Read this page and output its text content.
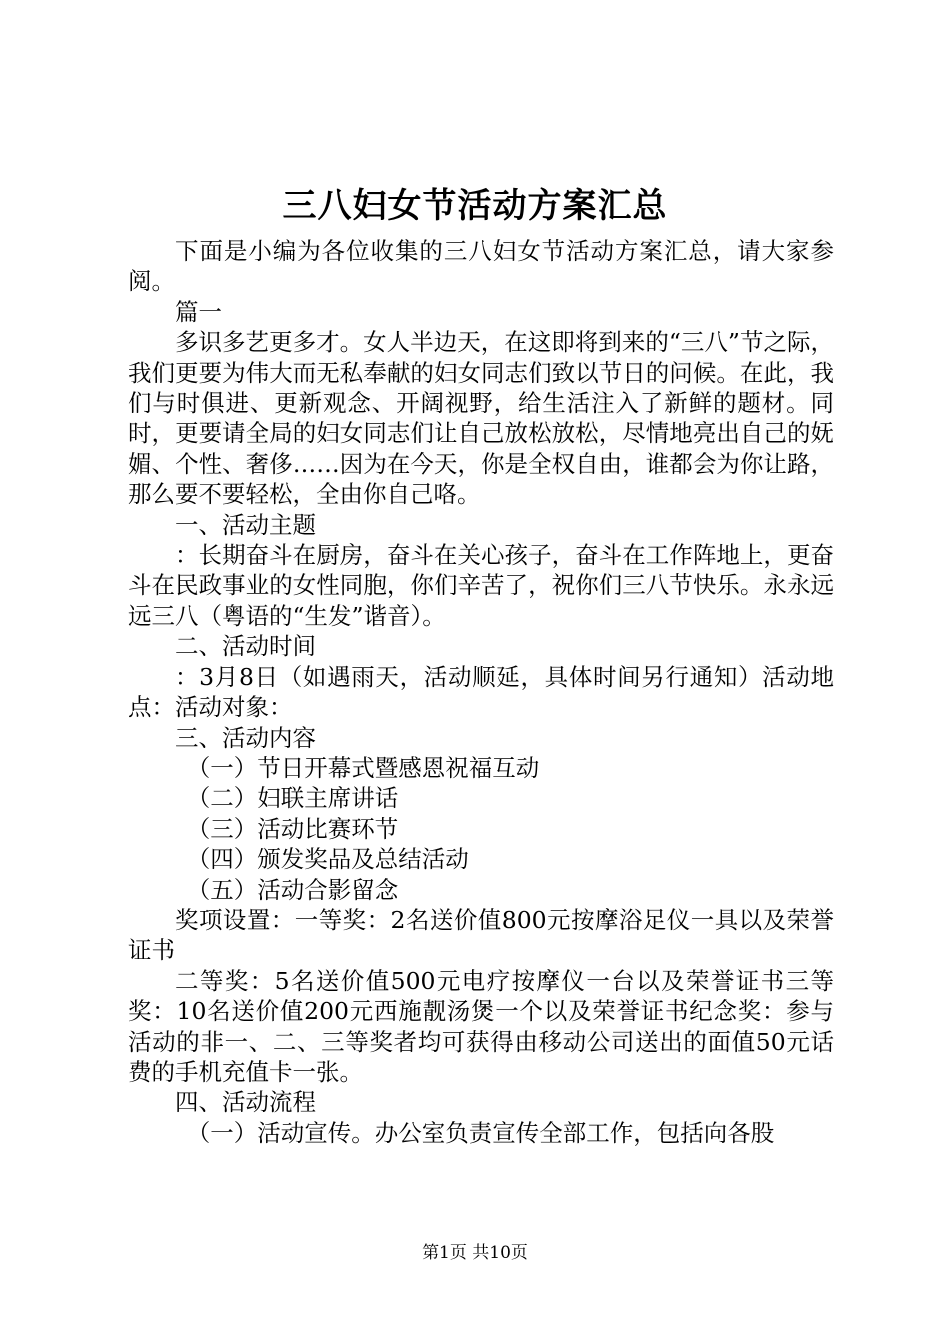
三八妇女节活动方案汇总

下面是小编为各位收集的三八妇女节活动方案汇总，请大家参阅。

篇一

多识多艺更多才。女人半边天，在这即将到来的“三八”节之际，我们更要为伟大而无私奉献的妇女同志们致以节日的问候。在此，我们与时俱进、更新观念、开阔视野，给生活注入了新鲜的题材。同时，更要请全局的妇女同志们让自己放松放松，尽情地亮出自己的妩媚、个性、奢侈……因为在今天，你是全权自由，谁都会为你让路，那么要不要轻松，全由你自己咯。

一、活动主题

：长期奋斗在厨房，奋斗在关心孩子，奋斗在工作阵地上，更奋斗在民政事业的女性同胞，你们辛苦了，祝你们三八节快乐。永永远远三八（粤语的“生发”谐音）。

二、活动时间

：3月8日（如遇雨天，活动顺延，具体时间另行通知）活动地点：活动对象：

三、活动内容

（一）节日开幕式暨感恩祝福互动

（二）妇联主席讲话

（三）活动比赛环节

（四）颁发奖品及总结活动

（五）活动合影留念

奖项设置：一等奖：2名送价值800元按摩浴足仪一具以及荣誉证书

二等奖：5名送价值500元电疗按摩仪一台以及荣誉证书三等奖：10名送价值200元西施靓汤煲一个以及荣誉证书纪念奖：参与活动的非一、二、三等奖者均可获得由移动公司送出的面值50元话费的手机充值卡一张。

四、活动流程

（一）活动宣传。办公室负责宣传全部工作，包括向各股

第1页 共10页
